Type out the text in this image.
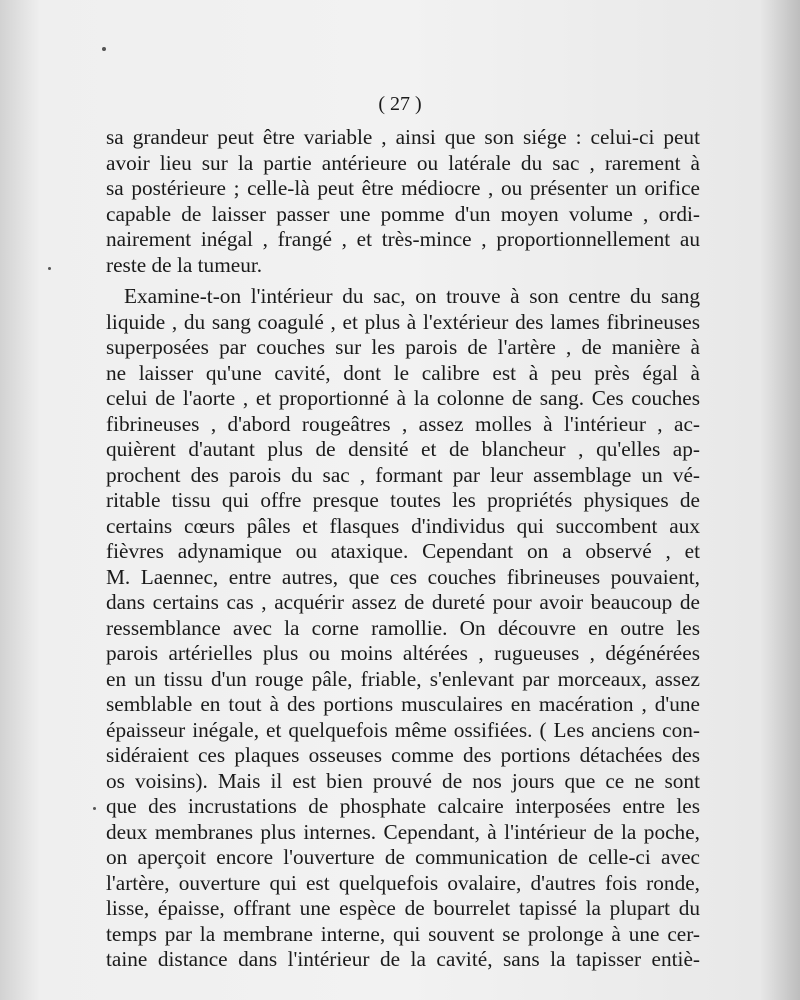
( 27 )
sa grandeur peut être variable , ainsi que son siége : celui-ci peut
avoir lieu sur la partie antérieure ou latérale du sac , rarement à
sa postérieure ; celle-là peut être médiocre , ou présenter un orifice
capable de laisser passer une pomme d'un moyen volume , ordi-
nairement inégal , frangé , et très-mince , proportionnellement au
reste de la tumeur.
Examine-t-on l'intérieur du sac, on trouve à son centre du sang
liquide , du sang coagulé , et plus à l'extérieur des lames fibrineuses
superposées par couches sur les parois de l'artère , de manière à
ne laisser qu'une cavité, dont le calibre est à peu près égal à
celui de l'aorte , et proportionné à la colonne de sang. Ces couches
fibrineuses , d'abord rougeâtres , assez molles à l'intérieur , ac-
quièrent d'autant plus de densité et de blancheur , qu'elles ap-
prochent des parois du sac , formant par leur assemblage un vé-
ritable tissu qui offre presque toutes les propriétés physiques de
certains cœurs pâles et flasques d'individus qui succombent aux
fièvres adynamique ou ataxique. Cependant on a observé , et
M. Laennec, entre autres, que ces couches fibrineuses pouvaient,
dans certains cas , acquérir assez de dureté pour avoir beaucoup de
ressemblance avec la corne ramollie. On découvre en outre les
parois artérielles plus ou moins altérées , rugueuses , dégénérées
en un tissu d'un rouge pâle, friable, s'enlevant par morceaux, assez
semblable en tout à des portions musculaires en macération , d'une
épaisseur inégale, et quelquefois même ossifiées. ( Les anciens con-
sidéraient ces plaques osseuses comme des portions détachées des
os voisins). Mais il est bien prouvé de nos jours que ce ne sont
que des incrustations de phosphate calcaire interposées entre les
deux membranes plus internes. Cependant, à l'intérieur de la poche,
on aperçoit encore l'ouverture de communication de celle-ci avec
l'artère, ouverture qui est quelquefois ovalaire, d'autres fois ronde,
lisse, épaisse, offrant une espèce de bourrelet tapissé la plupart du
temps par la membrane interne, qui souvent se prolonge à une cer-
taine distance dans l'intérieur de la cavité, sans la tapisser entiè-
